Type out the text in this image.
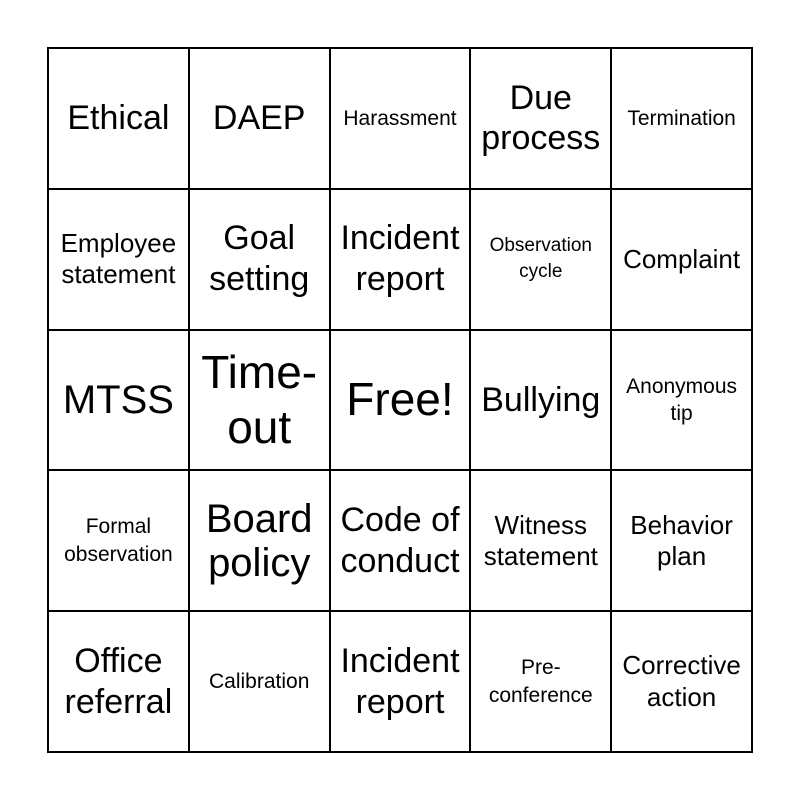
Ethical DAEP Harassment
Due process
Termination
Employee statement
Goal setting
Incident report
Observation cycle	Complaint
MTSS
Time-out
Free! Bullying	Anonymous tip
Formal observation
Board policy
Code of conduct
Witness statement
Behavior plan
Office referral
Calibration
Incident report
Pre-conference
Corrective action
